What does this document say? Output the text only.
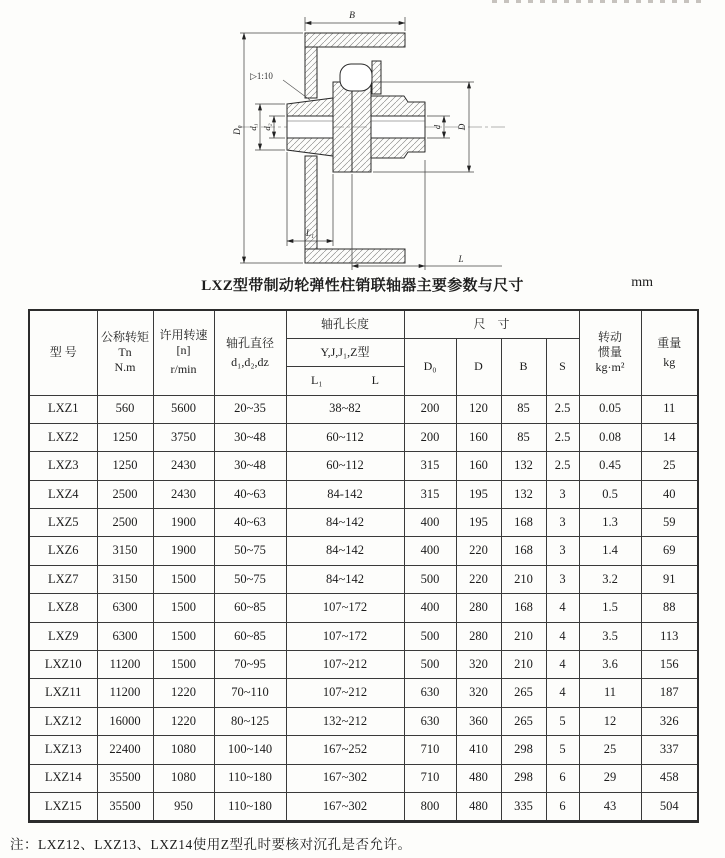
▷1:10
B
D₀ d₁ d₂	d D
L₁
L
LXZ型带制动轮弹性柱销联轴器主要参数与尺寸	mm
型 号	公称转矩Tn
N.m	许用转速
[n]
r/min	轴孔直径
d₁,d₂,dz	轴孔长度	尺　寸				转动
惯量
kg·m²	重量
kg

				Y,J,J₁,Z型	D₀	D	B	S		

				L₁ L						

LXZ1	560	5600	20~35	38~82	200	120	85	2.5	0.05	11
LXZ2	1250	3750	30~48	60~112	200	160	85	2.5	0.08	14
LXZ3	1250	2430	30~48	60~112	315	160	132	2.5	0.45	25
LXZ4	2500	2430	40~63	84-142	315	195	132	3	0.5	40
LXZ5	2500	1900	40~63	84~142	400	195	168	3	1.3	59
LXZ6	3150	1900	50~75	84~142	400	220	168	3	1.4	69
LXZ7	3150	1500	50~75	84~142	500	220	210	3	3.2	91
LXZ8	6300	1500	60~85	107~172	400	280	168	4	1.5	88
LXZ9	6300	1500	60~85	107~172	500	280	210	4	3.5	113
LXZ10	11200	1500	70~95	107~212	500	320	210	4	3.6	156
LXZ11	11200	1220	70~110	107~212	630	320	265	4	11	187
LXZ12	16000	1220	80~125	132~212	630	360	265	5	12	326
LXZ13	22400	1080	100~140	167~252	710	410	298	5	25	337
LXZ14	35500	1080	110~180	167~302	710	480	298	6	29	458
LXZ15	35500	950	110~180	167~302	800	480	335	6	43	504
注：LXZ12、LXZ13、LXZ14使用Z型孔时要核对沉孔是否允许。
